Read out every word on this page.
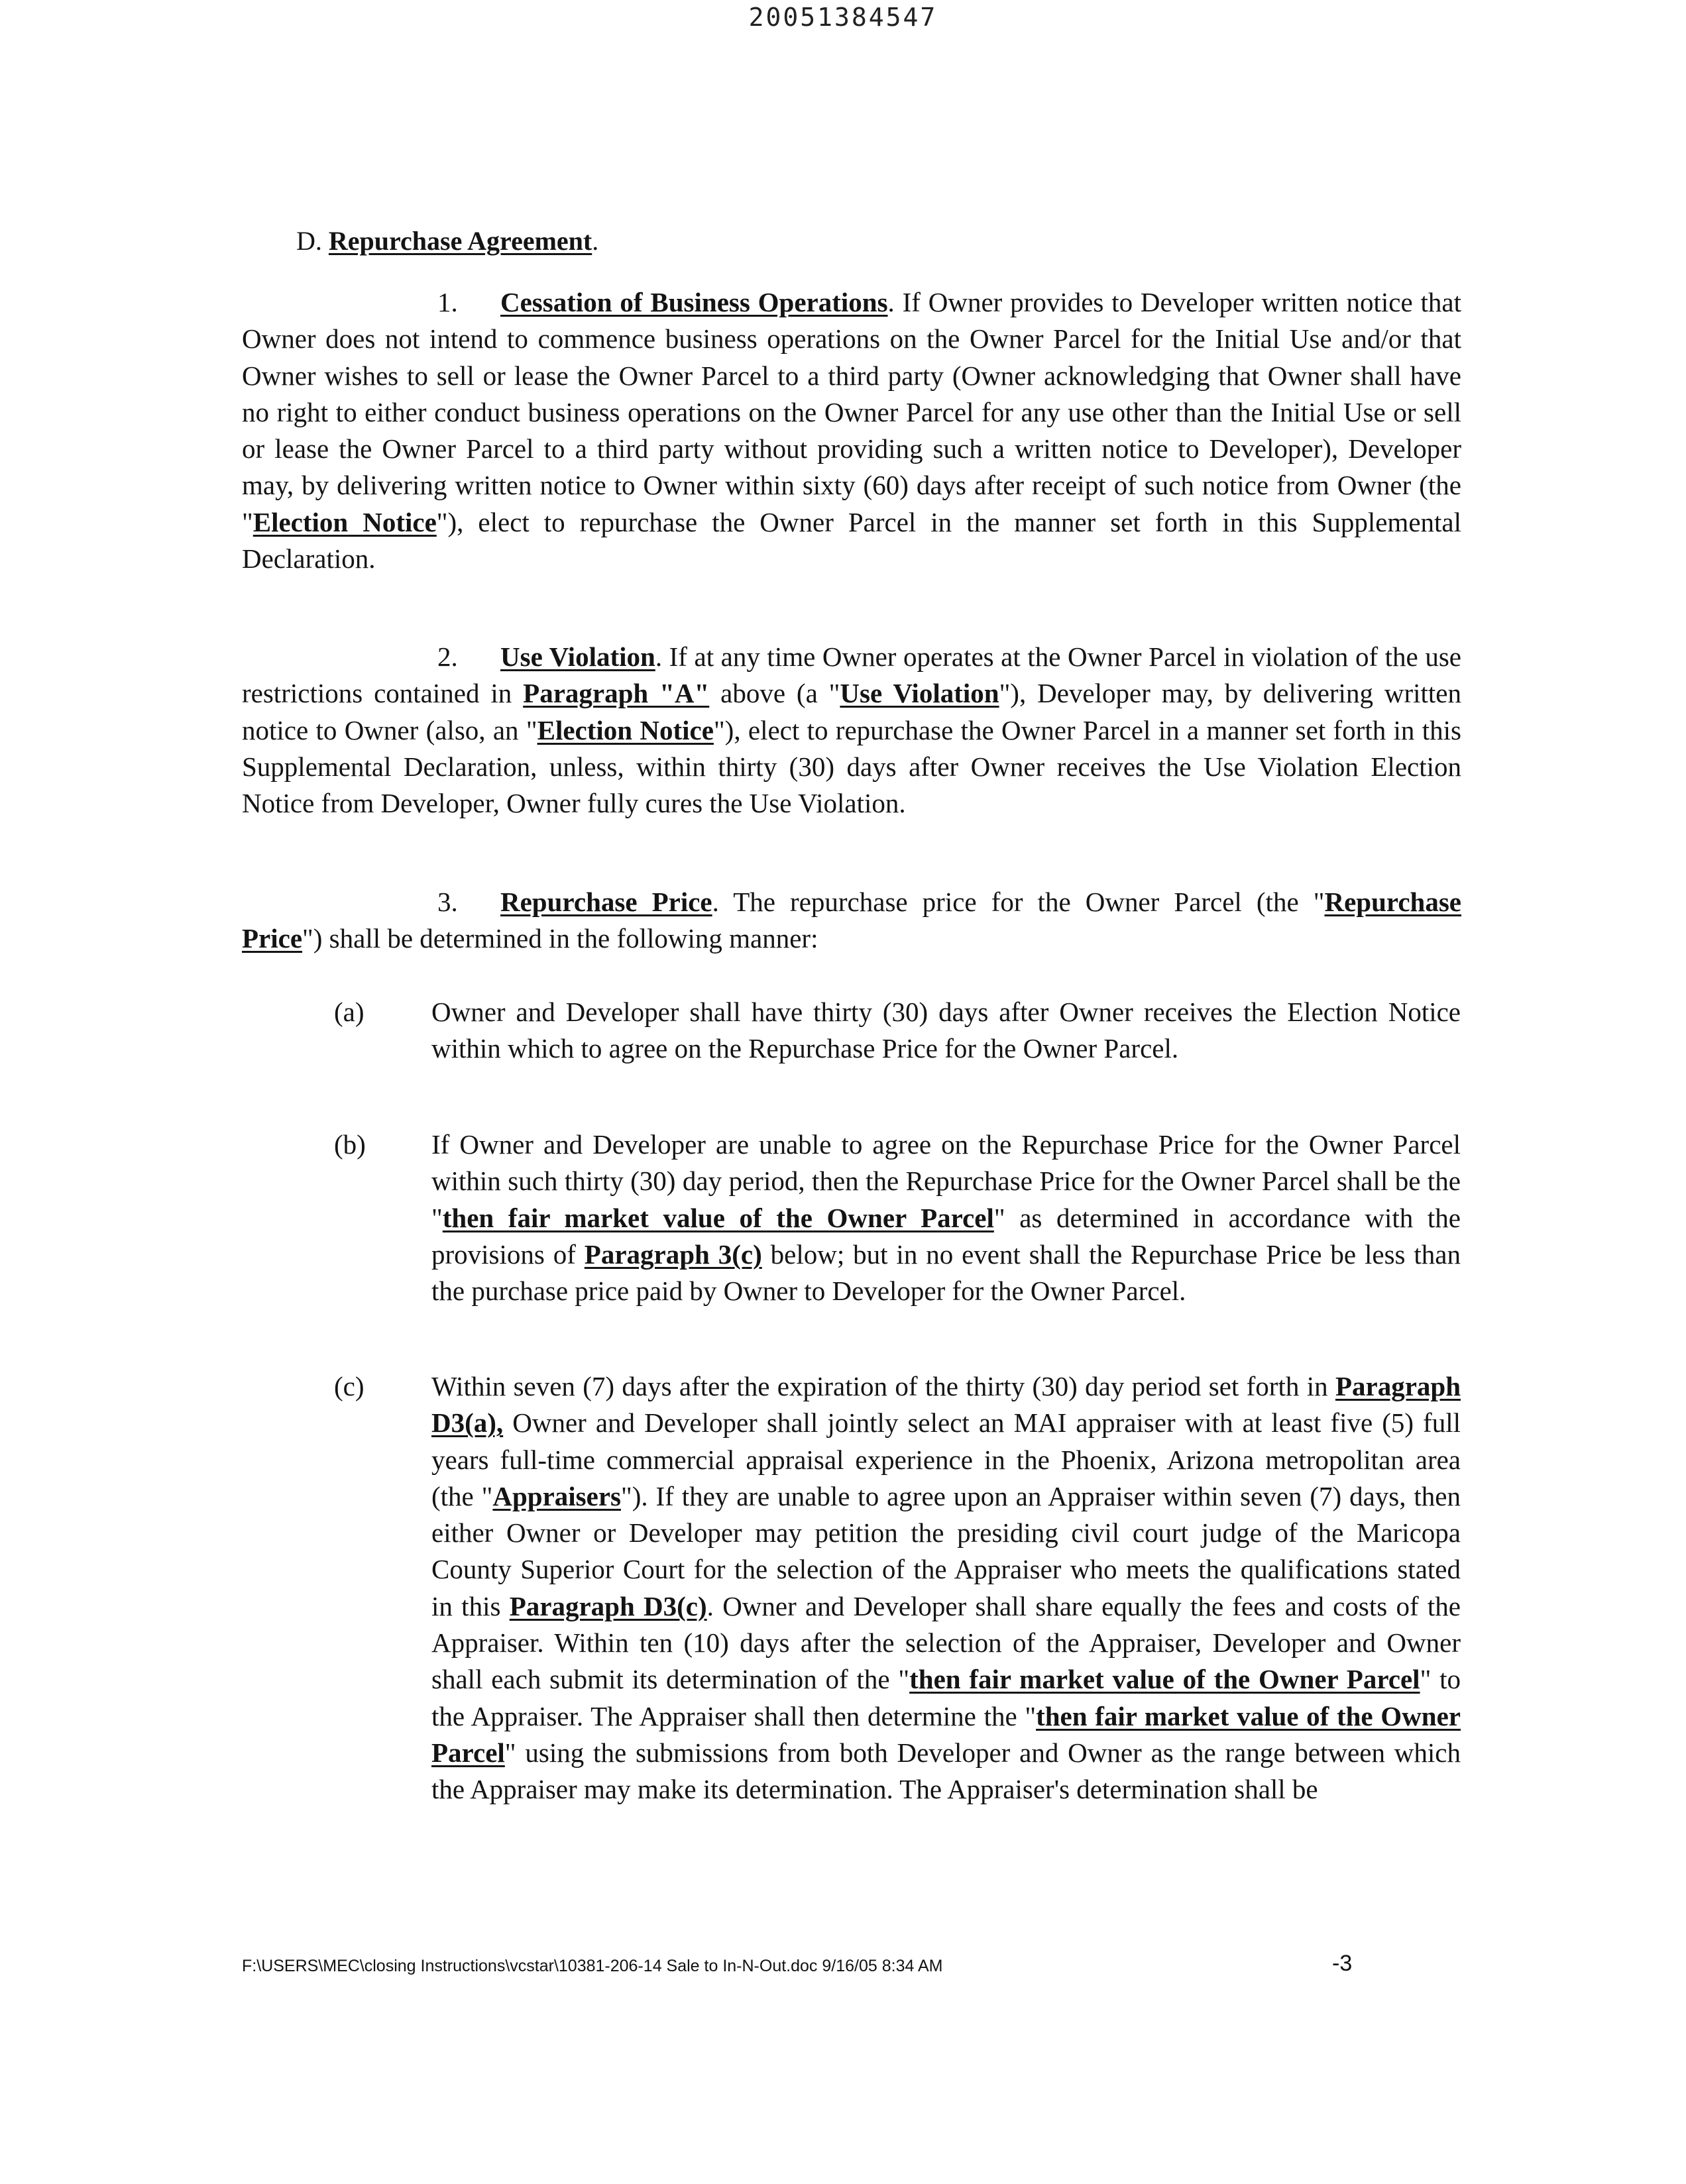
20051384547
D. Repurchase Agreement.

1. Cessation of Business Operations. If Owner provides to Developer written notice that Owner does not intend to commence business operations on the Owner Parcel for the Initial Use and/or that Owner wishes to sell or lease the Owner Parcel to a third party (Owner acknowledging that Owner shall have no right to either conduct business operations on the Owner Parcel for any use other than the Initial Use or sell or lease the Owner Parcel to a third party without providing such a written notice to Developer), Developer may, by delivering written notice to Owner within sixty (60) days after receipt of such notice from Owner (the "Election Notice"), elect to repurchase the Owner Parcel in the manner set forth in this Supplemental Declaration.

2. Use Violation. If at any time Owner operates at the Owner Parcel in violation of the use restrictions contained in Paragraph "A" above (a "Use Violation"), Developer may, by delivering written notice to Owner (also, an "Election Notice"), elect to repurchase the Owner Parcel in a manner set forth in this Supplemental Declaration, unless, within thirty (30) days after Owner receives the Use Violation Election Notice from Developer, Owner fully cures the Use Violation.

3. Repurchase Price. The repurchase price for the Owner Parcel (the "Repurchase Price") shall be determined in the following manner:

(a) Owner and Developer shall have thirty (30) days after Owner receives the Election Notice within which to agree on the Repurchase Price for the Owner Parcel.

(b) If Owner and Developer are unable to agree on the Repurchase Price for the Owner Parcel within such thirty (30) day period, then the Repurchase Price for the Owner Parcel shall be the "then fair market value of the Owner Parcel" as determined in accordance with the provisions of Paragraph 3(c) below; but in no event shall the Repurchase Price be less than the purchase price paid by Owner to Developer for the Owner Parcel.

(c) Within seven (7) days after the expiration of the thirty (30) day period set forth in Paragraph D3(a), Owner and Developer shall jointly select an MAI appraiser with at least five (5) full years full-time commercial appraisal experience in the Phoenix, Arizona metropolitan area (the "Appraisers"). If they are unable to agree upon an Appraiser within seven (7) days, then either Owner or Developer may petition the presiding civil court judge of the Maricopa County Superior Court for the selection of the Appraiser who meets the qualifications stated in this Paragraph D3(c). Owner and Developer shall share equally the fees and costs of the Appraiser. Within ten (10) days after the selection of the Appraiser, Developer and Owner shall each submit its determination of the "then fair market value of the Owner Parcel" to the Appraiser. The Appraiser shall then determine the "then fair market value of the Owner Parcel" using the submissions from both Developer and Owner as the range between which the Appraiser may make its determination. The Appraiser's determination shall be

F:\USERS\MEC\closing Instructions\vcstar\10381-206-14 Sale to In-N-Out.doc 9/16/05 8:34 AM	-3
